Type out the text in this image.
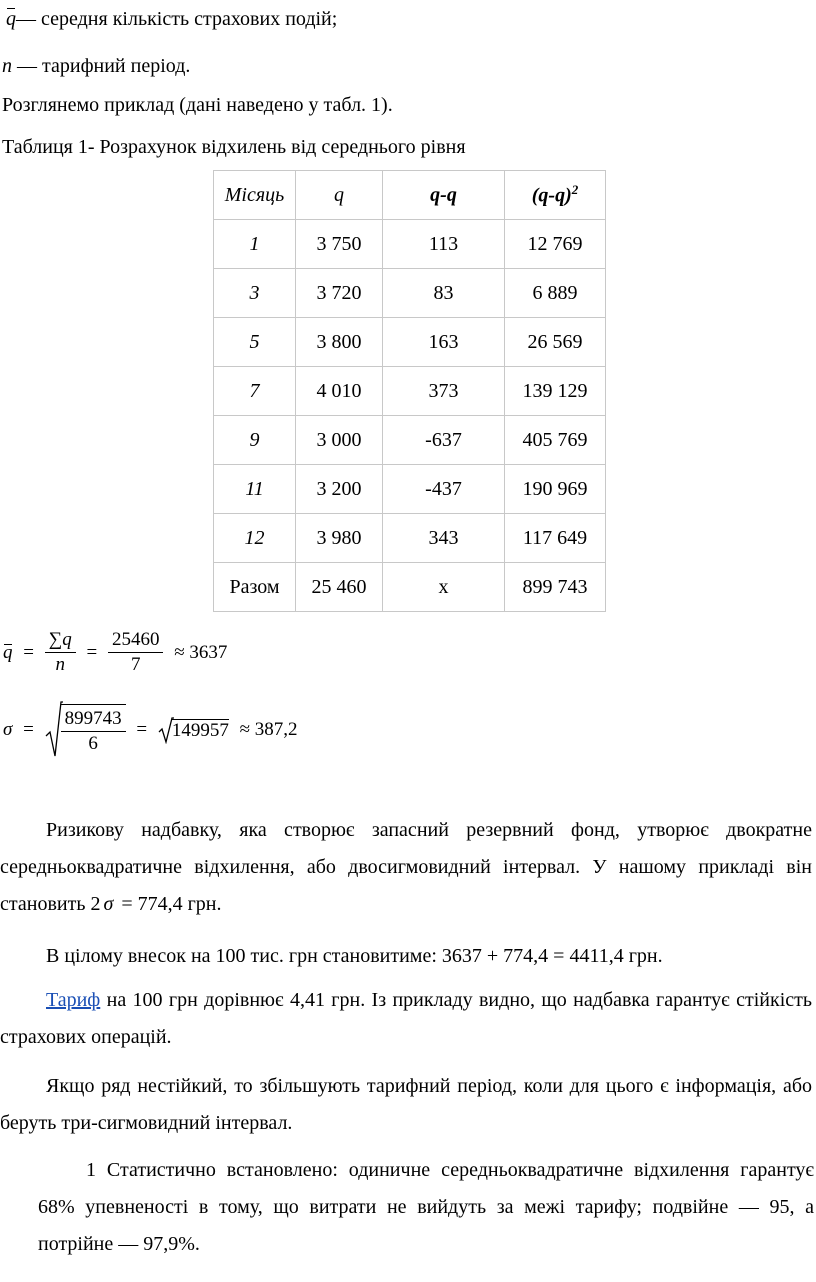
q— середня кількість страхових подій;
n — тарифний період.
Розглянемо приклад (дані наведено у табл. 1).
Таблиця 1- Розрахунок відхилень від середнього рівня
Місяць	q	q-q	$(q-q)^2$
1	3 750	113	12 769
3	3 720	83	6 889
5	3 800	163	26 569
7	4 010	373	139 129
9	3 000	-637	405 769
11	3 200	-437	190 969
12	3 980	343	117 649
Разом	25 460	х	899 743
$q = \frac{\sum q}{n} = \frac{25460}{7} \approx 3637$
$\sigma = \frac{899743}{6} = 149957 \approx 387,2$
Ризикову надбавку, яка створює запасний резервний фонд, утворює двократне середньоквадратичне відхилення, або двосигмовидний інтервал. У нашому прикладі він становить 2 σ = 774,4 грн.
В цілому внесок на 100 тис. грн становитиме: 3637 + 774,4 = 4411,4 грн.
Тариф на 100 грн дорівнює 4,41 грн. Із прикладу видно, що надбавка гарантує стійкість страхових операцій.
Якщо ряд нестійкий, то збільшують тарифний період, коли для цього є інформація, або беруть три-сигмовидний інтервал.
1 Статистично встановлено: одиничне середньоквадратичне відхилення гарантує 68% упевненості в тому, що витрати не вийдуть за межі тарифу; подвійне — 95, а потрійне — 97,9%.
